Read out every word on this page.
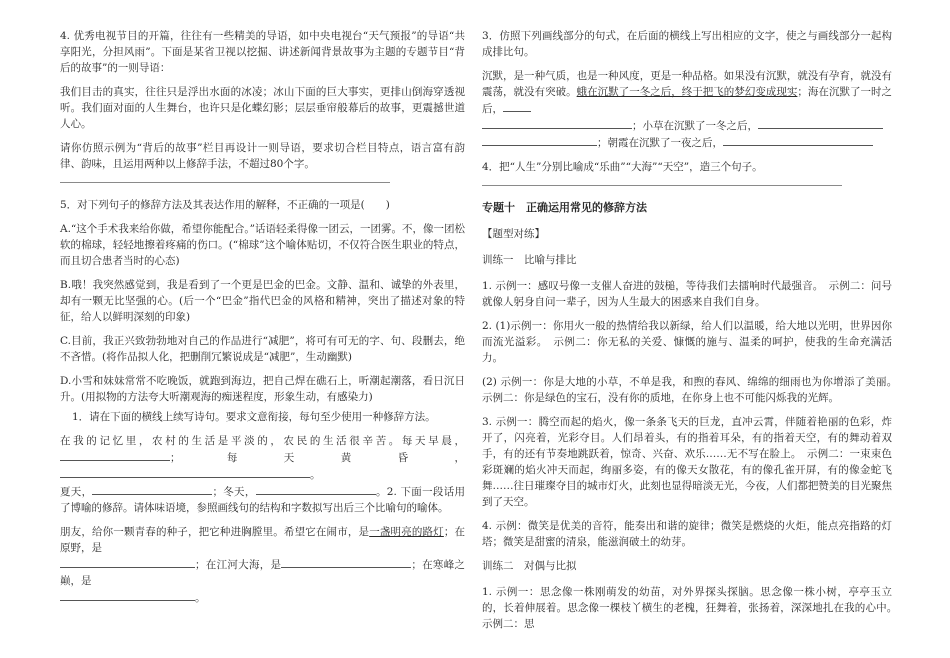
4. 优秀电视节目的开篇，往往有一些精美的导语，如中央电视台“天气预报”的导语“共享阳光，分担风雨”。下面是某省卫视以挖掘、讲述新闻背景故事为主题的专题节目“背后的故事”的一则导语：

我们目击的真实，往往只是浮出水面的冰凌；冰山下面的巨大事实，更排山倒海穿透视听。我们面对面的人生舞台，也许只是化蝶幻影；层层垂帘般幕后的故事，更震撼世道人心。

请你仿照示例为“背后的故事”栏目再设计一则导语，要求切合栏目特点，语言富有韵律、韵味，且运用两种以上修辞手法，不超过80个字。

5．对下列句子的修辞方法及其表达作用的解释，不正确的一项是(　　)

A.“这个手术我来给你做，希望你能配合。”话语轻柔得像一团云，一团雾。不，像一团松软的棉球，轻轻地擦着疼痛的伤口。(“棉球”这个喻体贴切，不仅符合医生职业的特点，而且切合患者当时的心态)

B.哦！我突然感觉到，我是看到了一个更是巴金的巴金。文静、温和、诚挚的外表里，却有一颗无比坚强的心。(后一个“巴金”指代巴金的风格和精神，突出了描述对象的特征，给人以鲜明深刻的印象)

C.目前，我正兴致勃勃地对自己的作品进行“减肥”，将可有可无的字、句、段删去，绝不吝惜。(将作品拟人化，把删削冗繁说成是“减肥”，生动幽默)

D.小雪和妹妹常常不吃晚饭，就跑到海边，把自己焊在礁石上，听潮起潮落，看日沉日升。(用拟物的方法夸大听潮观海的痴迷程度，形象生动，有感染力)

1．请在下面的横线上续写诗句。要求文意衔接，每句至少使用一种修辞方法。

在我的记忆里，农村的生活是平淡的，农民的生活很辛苦。每天早晨，；每天黄昏，。
夏天，	；冬天，	。2. 下面一段话用了博喻的修辞。请体味语境，参照画线句的结构和字数拟写出后三个比喻句的喻体。

朋友，给你一颗青春的种子，把它种进胸膛里。希望它在闹市，是一盏明亮的路灯；在原野，是
；在江河大海，是	；在寒峰之巅，是
。

3．仿照下列画线部分的句式，在后面的横线上写出相应的文字，使之与画线部分一起构成排比句。

沉默，是一种气质，也是一种风度，更是一种品格。如果没有沉默，就没有孕育，就没有震荡，就没有突破。蛾在沉默了一冬之后，终于把飞的梦幻变成现实；海在沉默了一时之后，
；小草在沉默了一冬之后，
；朝霞在沉默了一夜之后，

4．把“人生”分别比喻成“乐曲”“大海”“天空”，造三个句子。

专题十　正确运用常见的修辞方法
【题型对练】
训练一　比喻与排比

1. 示例一：感叹号像一支催人奋进的鼓槌，等待我们去擂响时代最强音。　示例二：问号就像人躬身自问一辈子，因为人生最大的困惑来自我们自身。

2. (1)示例一：你用火一般的热情给我以新绿，给人们以温暖，给大地以光明，世界因你而流光溢彩。　示例二：你无私的关爱、慷慨的施与、温柔的呵护，使我的生命充满活力。

(2) 示例一：你是大地的小草，不单是我，和煦的春风、绵绵的细雨也为你增添了美丽。　示例二：你是绿色的宝石，没有你的质地，在你身上也不可能闪烁我的光辉。

3. 示例一：腾空而起的焰火，像一条条飞天的巨龙，直冲云霄，伴随着艳丽的色彩，炸开了，闪亮着，光彩夺目。人们昂着头，有的指着耳朵，有的指着天空，有的舞动着双手，有的还有节奏地跳跃着，惊奇、兴奋、欢乐……无不写在脸上。　示例二：一束束色彩斑斓的焰火冲天而起，绚丽多姿，有的像天女散花，有的像孔雀开屏，有的像金蛇飞舞……往日璀璨夺目的城市灯火，此刻也显得暗淡无光，今夜，人们都把赞美的目光聚焦到了天空。

4. 示例：微笑是优美的音符，能奏出和谐的旋律；微笑是燃烧的火炬，能点亮指路的灯塔；微笑是甜蜜的清泉，能滋润破土的幼芽。

训练二　对偶与比拟

1. 示例一：思念像一株刚萌发的幼苗，对外界探头探脑。思念像一株小树，亭亭玉立的，长着伸展着。思念像一棵枝丫横生的老槐，狂舞着，张扬着，深深地扎在我的心中。　示例二：思
